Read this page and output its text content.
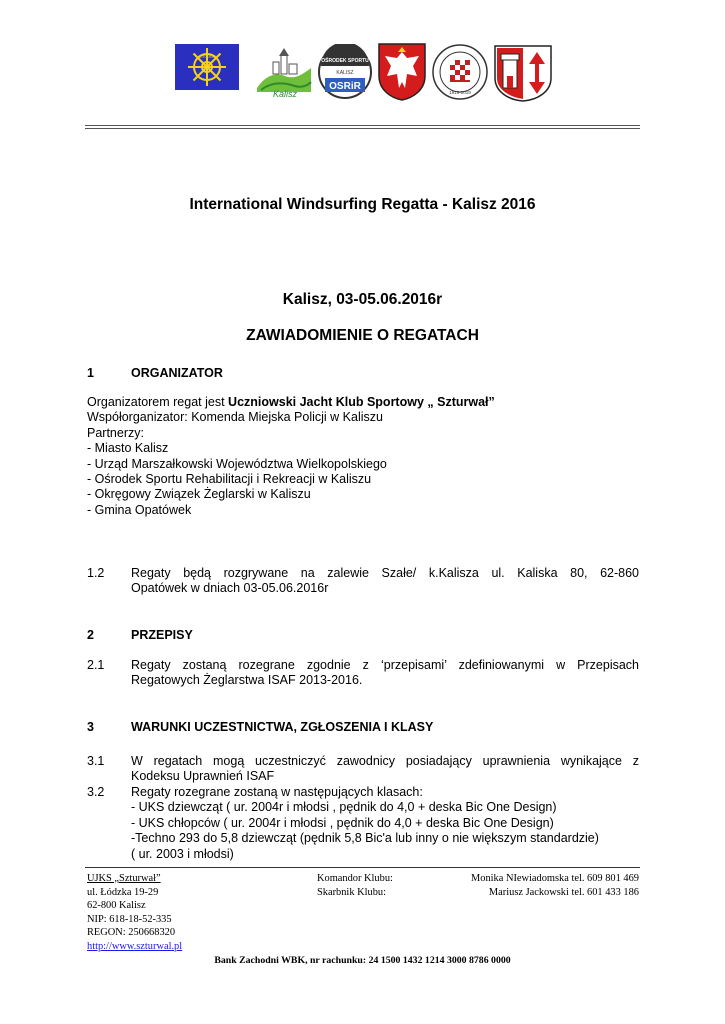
STERING
Kalisz
OŚRODEK SPORTU
KALISZ
OSRiR
1919-2019
International Windsurfing Regatta - Kalisz 2016
Kalisz, 03-05.06.2016r
ZAWIADOMIENIE O REGATACH
1	ORGANIZATOR
Organizatorem regat jest Uczniowski Jacht Klub Sportowy „ Szturwał”
Współorganizator: Komenda Miejska Policji w Kaliszu
Partnerzy:
- Miasto Kalisz
- Urząd Marszałkowski Województwa Wielkopolskiego
- Ośrodek Sportu Rehabilitacji i Rekreacji w Kaliszu
- Okręgowy Związek Żeglarski w Kaliszu
- Gmina Opatówek
1.2 Regaty będą rozgrywane na zalewie Szałe/ k.Kalisza ul. Kaliska 80, 62-860
Opatówek w dniach 03-05.06.2016r
2	PRZEPISY
2.1 Regaty zostaną rozegrane zgodnie z ‘przepisami’ zdefiniowanymi w Przepisach
Regatowych Żeglarstwa ISAF 2013-2016.
3	WARUNKI UCZESTNICTWA, ZGŁOSZENIA I KLASY
3.1 W regatach mogą uczestniczyć zawodnicy posiadający uprawnienia wynikające z
Kodeksu Uprawnień ISAF
3.2 Regaty rozegrane zostaną w następujących klasach:
- UKS dziewcząt ( ur. 2004r i młodsi , pędnik do 4,0 + deska Bic One Design)
- UKS chłopców ( ur. 2004r i młodsi , pędnik do 4,0 + deska Bic One Design)
-Techno 293 do 5,8 dziewcząt (pędnik 5,8 Bic'a lub inny o nie większym standardzie)
( ur. 2003 i młodsi)
UJKS „Szturwał”
ul. Łódzka 19-29
62-800 Kalisz
NIP: 618-18-52-335
REGON: 250668320
http://www.szturwal.pl
Komandor Klubu:
Skarbnik Klubu:
Monika NIewiadomska tel. 609 801 469
Mariusz Jackowski tel. 601 433 186
Bank Zachodni WBK, nr rachunku: 24 1500 1432 1214 3000 8786 0000
